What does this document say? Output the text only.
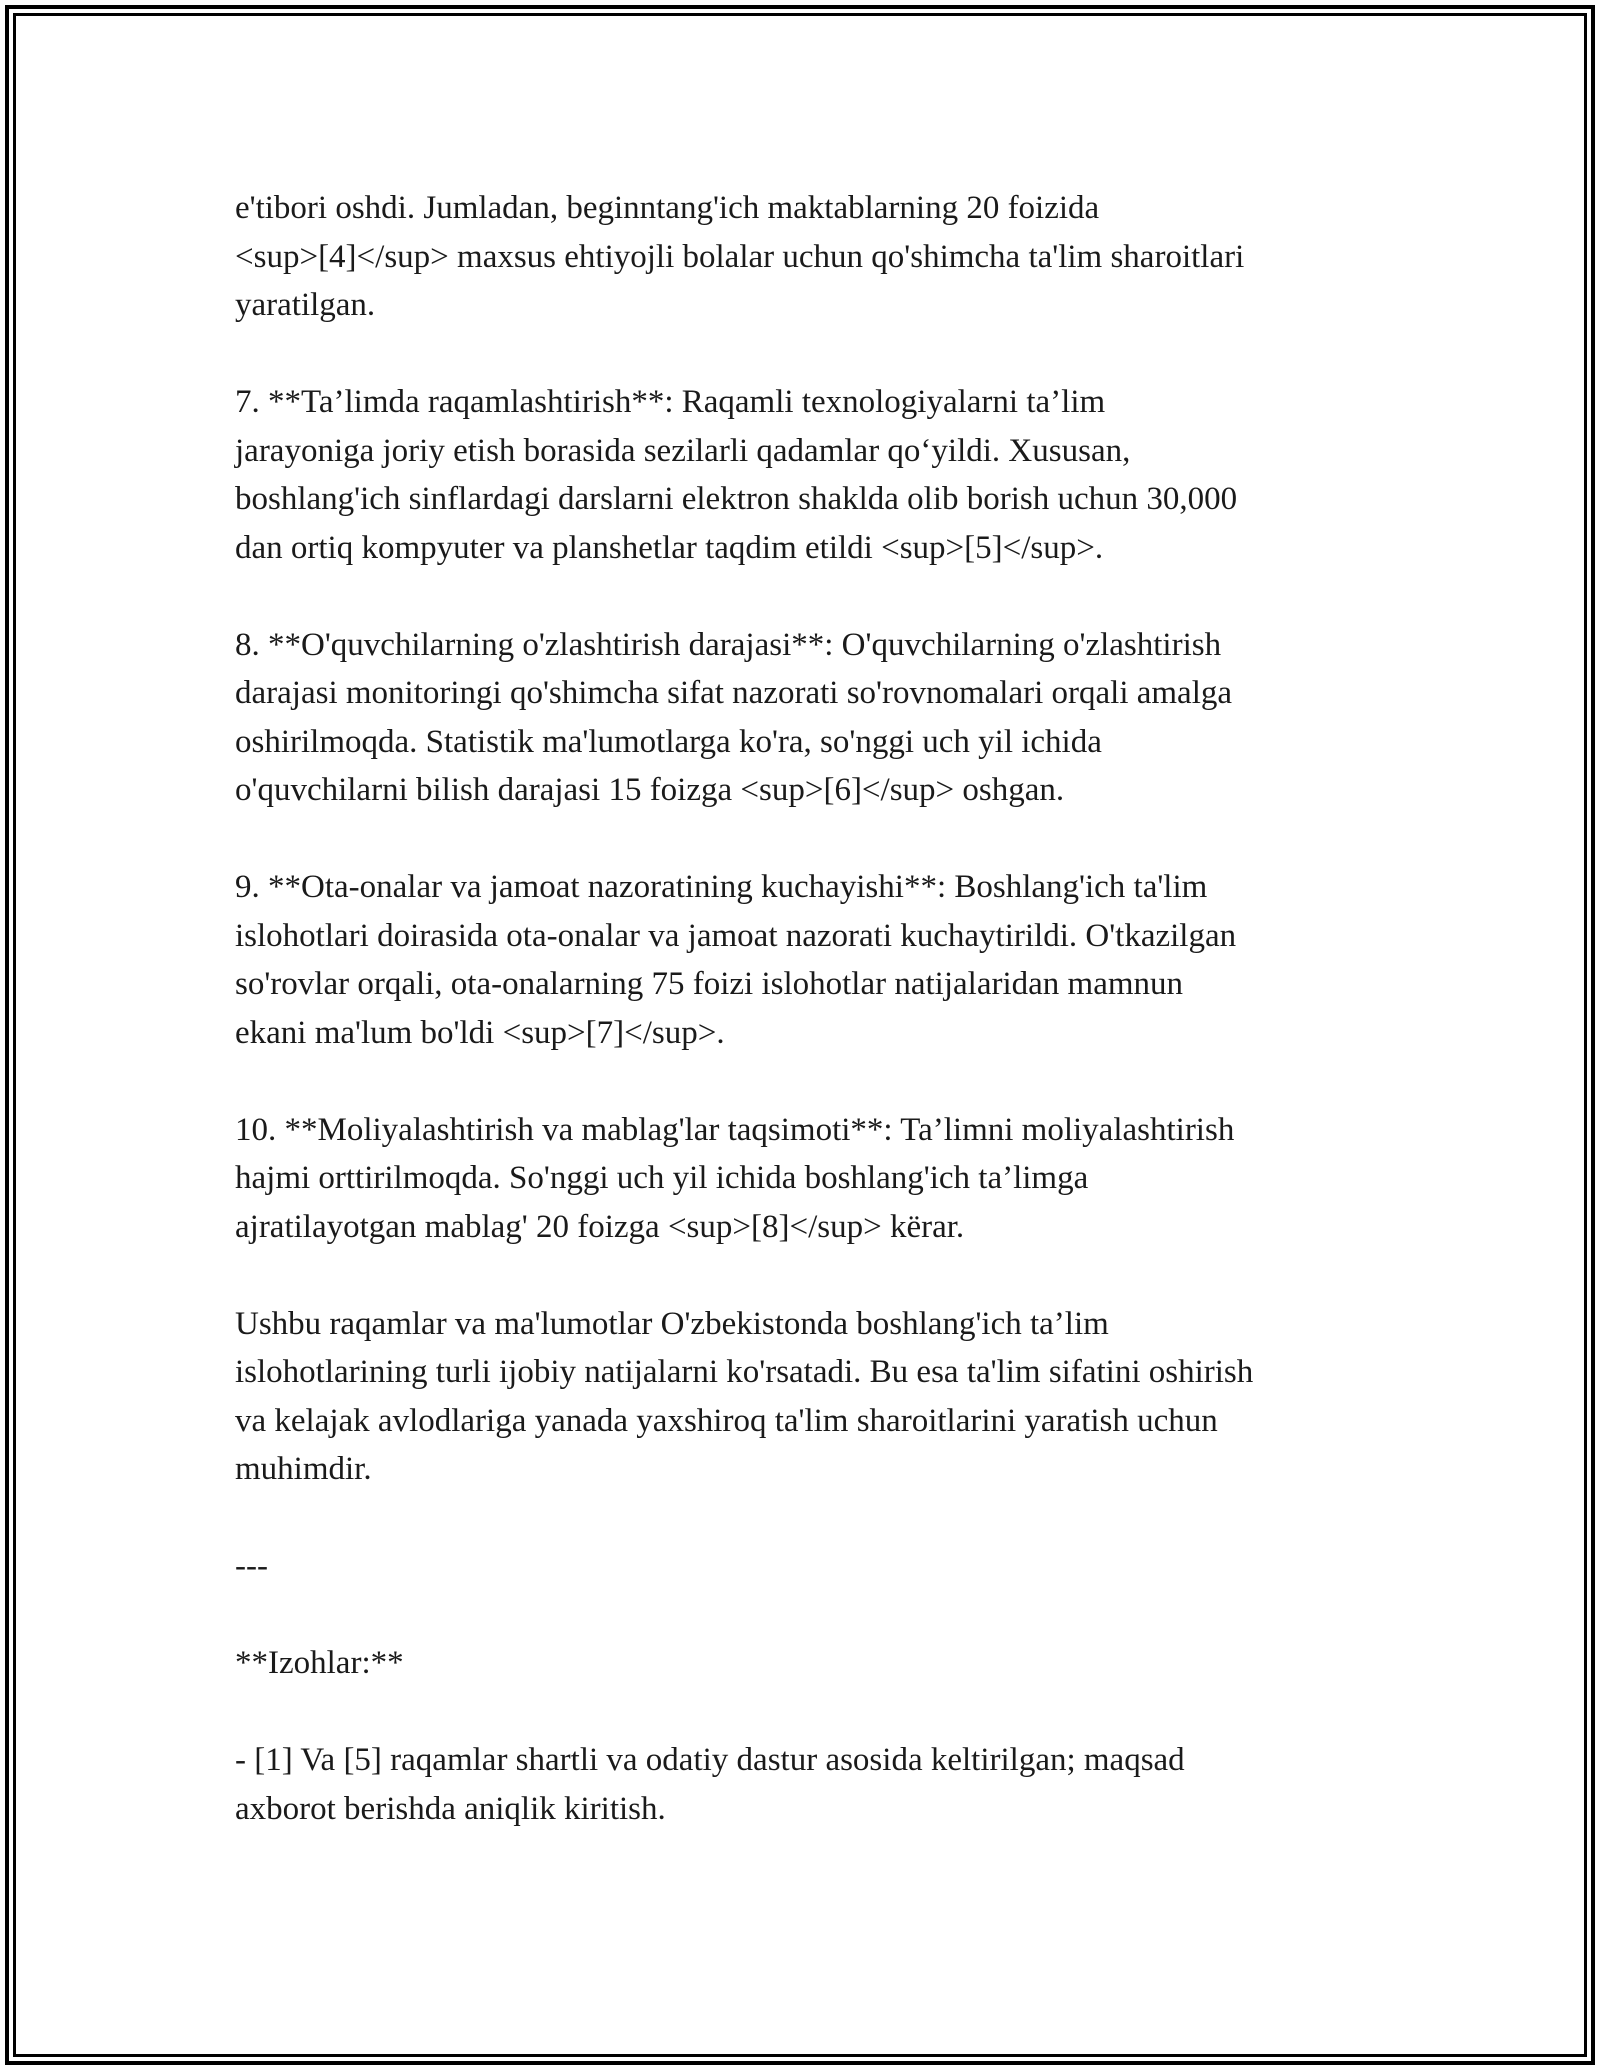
e'tibori oshdi. Jumladan, beginntang'ich maktablarning 20 foizida
<sup>[4]</sup> maxsus ehtiyojli bolalar uchun qo'shimcha ta'lim sharoitlari
yaratilgan.

7. **Ta’limda raqamlashtirish**: Raqamli texnologiyalarni ta’lim
jarayoniga joriy etish borasida sezilarli qadamlar qo‘yildi. Xususan,
boshlang'ich sinflardagi darslarni elektron shaklda olib borish uchun 30,000
dan ortiq kompyuter va planshetlar taqdim etildi <sup>[5]</sup>.

8. **O'quvchilarning o'zlashtirish darajasi**: O'quvchilarning o'zlashtirish
darajasi monitoringi qo'shimcha sifat nazorati so'rovnomalari orqali amalga
oshirilmoqda. Statistik ma'lumotlarga ko'ra, so'nggi uch yil ichida
o'quvchilarni bilish darajasi 15 foizga <sup>[6]</sup> oshgan.

9. **Ota-onalar va jamoat nazoratining kuchayishi**: Boshlang'ich ta'lim
islohotlari doirasida ota-onalar va jamoat nazorati kuchaytirildi. O'tkazilgan
so'rovlar orqali, ota-onalarning 75 foizi islohotlar natijalaridan mamnun
ekani ma'lum bo'ldi <sup>[7]</sup>.

10. **Moliyalashtirish va mablag'lar taqsimoti**: Ta’limni moliyalashtirish
hajmi orttirilmoqda. So'nggi uch yil ichida boshlang'ich ta’limga
ajratilayotgan mablag' 20 foizga <sup>[8]</sup> kërar.

Ushbu raqamlar va ma'lumotlar O'zbekistonda boshlang'ich ta’lim
islohotlarining turli ijobiy natijalarni ko'rsatadi. Bu esa ta'lim sifatini oshirish
va kelajak avlodlariga yanada yaxshiroq ta'lim sharoitlarini yaratish uchun
muhimdir.

---

**Izohlar:**

- [1] Va [5] raqamlar shartli va odatiy dastur asosida keltirilgan; maqsad
axborot berishda aniqlik kiritish.
